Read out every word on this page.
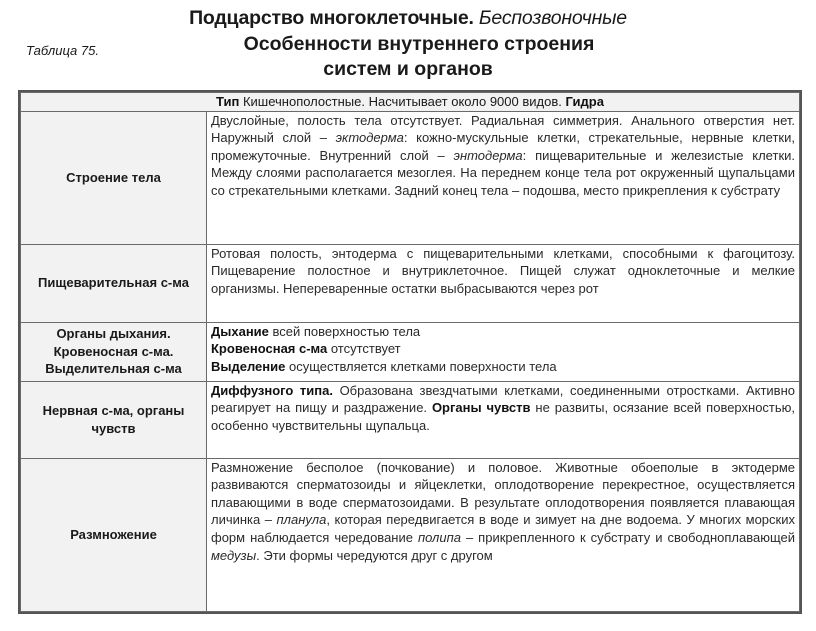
Подцарство многоклеточные. Беспозвоночные
Таблица 75.	Особенности внутреннего строения
систем и органов
Тип Кишечнополостные. Насчитывает около 9000 видов. Гидра	
Строение тела	Двуслойные, полость тела отсутствует. Радиальная симметрия. Анального отверстия нет. Наружный слой – эктодерма: кожно-мускульные клетки, стрекательные, нервные клетки, промежуточные. Внутренний слой – энтодерма: пищеварительные и железистые клетки. Между слоями располагается мезоглея. На переднем конце тела рот окруженный щупальцами со стрекательными клетками. Задний конец тела – подошва, место прикрепления к субстрату
Пищеварительная с-ма	Ротовая полость, энтодерма с пищеварительными клетками, способными к фагоцитозу. Пищеварение полостное и внутриклеточное. Пищей служат одноклеточные и мелкие организмы. Непереваренные остатки выбрасываются через рот
Органы дыхания. Кровеносная с-ма. Выделительная с-ма	Дыхание всей поверхностью тела
Кровеносная с-ма отсутствует
Выделение осуществляется клетками поверхности тела

Нервная с-ма, органы чувств	Диффузного типа. Образована звездчатыми клетками, соединенными отростками. Активно реагирует на пищу и раздражение. Органы чувств не развиты, осязание всей поверхностью, особенно чувствительны щупальца.
Размножение	Размножение бесполое (почкование) и половое. Животные обоеполые в эктодерме развиваются сперматозоиды и яйцеклетки, оплодотворение перекрестное, осуществляется плавающими в воде сперматозоидами. В результате оплодотворения появляется плавающая личинка – планула, которая передвигается в воде и зимует на дне водоема. У многих морских форм наблюдается чередование полипа – прикрепленного к субстрату и свободноплавающей медузы. Эти формы чередуются друг с другом
